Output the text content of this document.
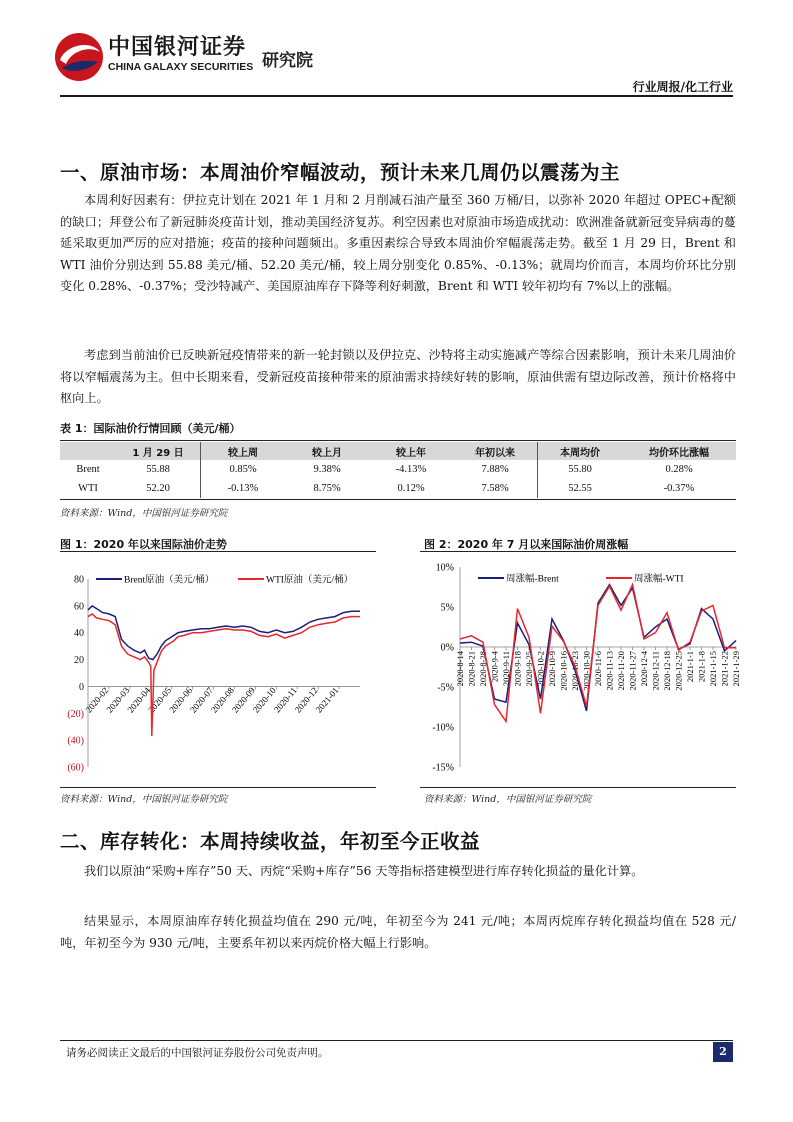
中国银河证券
CHINA GALAXY SECURITIES 研究院
行业周报/化工行业
一、原油市场：本周油价窄幅波动，预计未来几周仍以震荡为主
本周利好因素有：伊拉克计划在 2021 年 1 月和 2 月削减石油产量至 360 万桶/日，以弥补 2020 年超过 OPEC+配额的缺口；拜登公布了新冠肺炎疫苗计划，推动美国经济复苏。利空因素也对原油市场造成扰动：欧洲准备就新冠变异病毒的蔓延采取更加严厉的应对措施；疫苗的接种问题频出。多重因素综合导致本周油价窄幅震荡走势。截至 1 月 29 日，Brent 和 WTI 油价分别达到 55.88 美元/桶、52.20 美元/桶，较上周分别变化 0.85%、-0.13%；就周均价而言，本周均价环比分别变化 0.28%、-0.37%；受沙特减产、美国原油库存下降等利好刺激，Brent 和 WTI 较年初均有 7%以上的涨幅。
考虑到当前油价已反映新冠疫情带来的新一轮封锁以及伊拉克、沙特将主动实施减产等综合因素影响，预计未来几周油价将以窄幅震荡为主。但中长期来看，受新冠疫苗接种带来的原油需求持续好转的影响，原油供需有望边际改善，预计价格将中枢向上。
表 1：国际油价行情回顾（美元/桶）
	1 月 29 日	较上周	较上月	较上年	年初以来	本周均价	均价环比涨幅
Brent	55.88	0.85%	9.38%	-4.13%	7.88%	55.80	0.28%
WTI	52.20	-0.13%	8.75%	0.12%	7.58%	52.55	-0.37%
资料来源：Wind，中国银河证券研究院
图 1：2020 年以来国际油价走势	图 2：2020 年 7 月以来国际油价周涨幅
80
60
40
20
0
(20)
(40)
(60)
2020-02
2020-03
2020-04
2020-05
2020-06
2020-07
2020-08
2020-09
2020-10
2020-11
2020-12
2021-01
Brent原油（美元/桶）	WTI原油（美元/桶）
10%
5%
0%
-5%
-10%
-15%
2020-8-14 2020-8-21 2020-8-28 2020-9-4 2020-9-11 2020-9-18 2020-9-25 2020-10-2 2020-10-9 2020-10-16 2020-10-23 2020-10-30 2020-11-6 2020-11-13 2020-11-20 2020-11-27 2020-12-4 2020-12-11 2020-12-18 2020-12-25 2021-1-1 2021-1-8 2021-1-15 2021-1-22 2021-1-29
周涨幅-Brent	周涨幅-WTI
资料来源：Wind，中国银河证券研究院	资料来源：Wind，中国银河证券研究院
二、库存转化：本周持续收益，年初至今正收益
我们以原油“采购+库存”50 天、丙烷“采购+库存”56 天等指标搭建模型进行库存转化损益的量化计算。
结果显示，本周原油库存转化损益均值在 290 元/吨，年初至今为 241 元/吨；本周丙烷库存转化损益均值在 528 元/吨，年初至今为 930 元/吨，主要系年初以来丙烷价格大幅上行影响。
请务必阅读正文最后的中国银河证券股份公司免责声明。	2
